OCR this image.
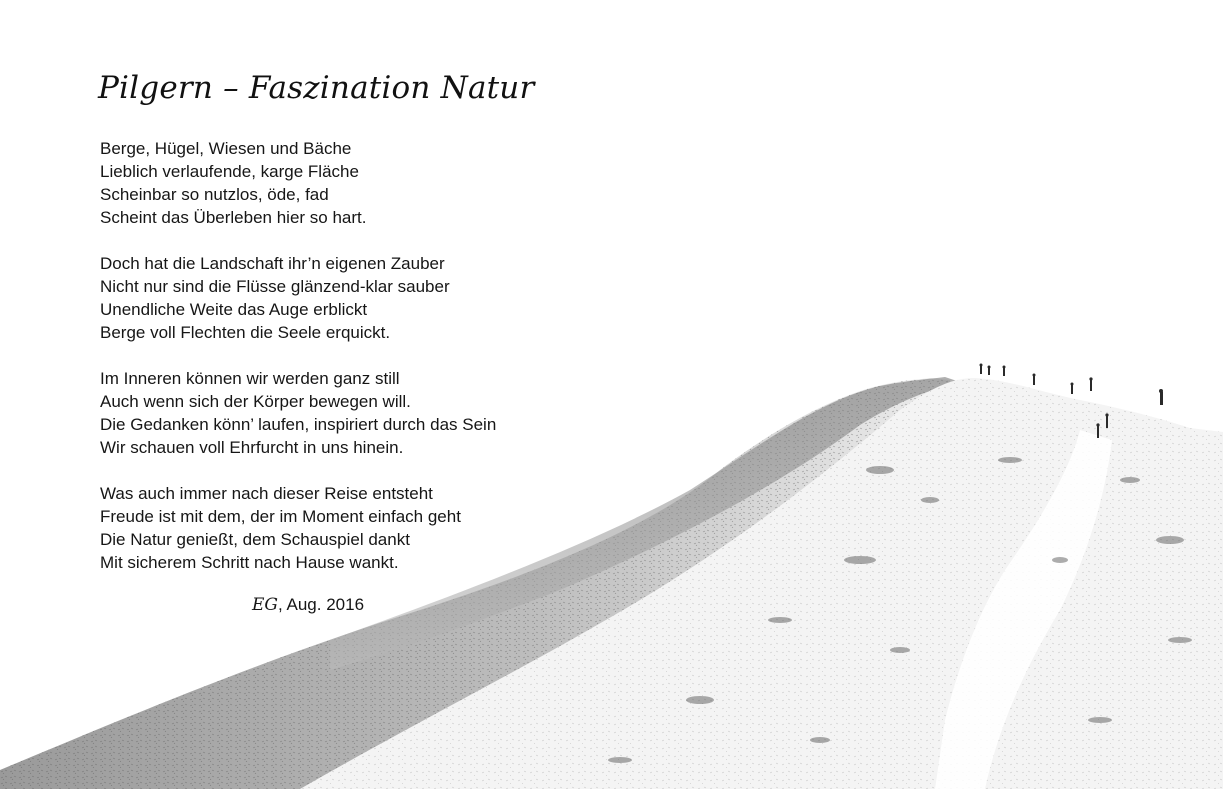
Pilgern – Faszination Natur
Berge, Hügel, Wiesen und Bäche
Lieblich verlaufende, karge Fläche
Scheinbar so nutzlos, öde, fad
Scheint das Überleben hier so hart.
Doch hat die Landschaft ihr’n eigenen Zauber
Nicht nur sind die Flüsse glänzend-klar sauber
Unendliche Weite das Auge erblickt
Berge voll Flechten die Seele erquickt.
Im Inneren können wir werden ganz still
Auch wenn sich der Körper bewegen will.
Die Gedanken könn’ laufen, inspiriert durch das Sein
Wir schauen voll Ehrfurcht in uns hinein.
Was auch immer nach dieser Reise entsteht
Freude ist mit dem, der im Moment einfach geht
Die Natur genießt, dem Schauspiel dankt
Mit sicherem Schritt nach Hause wankt.
EG, Aug. 2016
